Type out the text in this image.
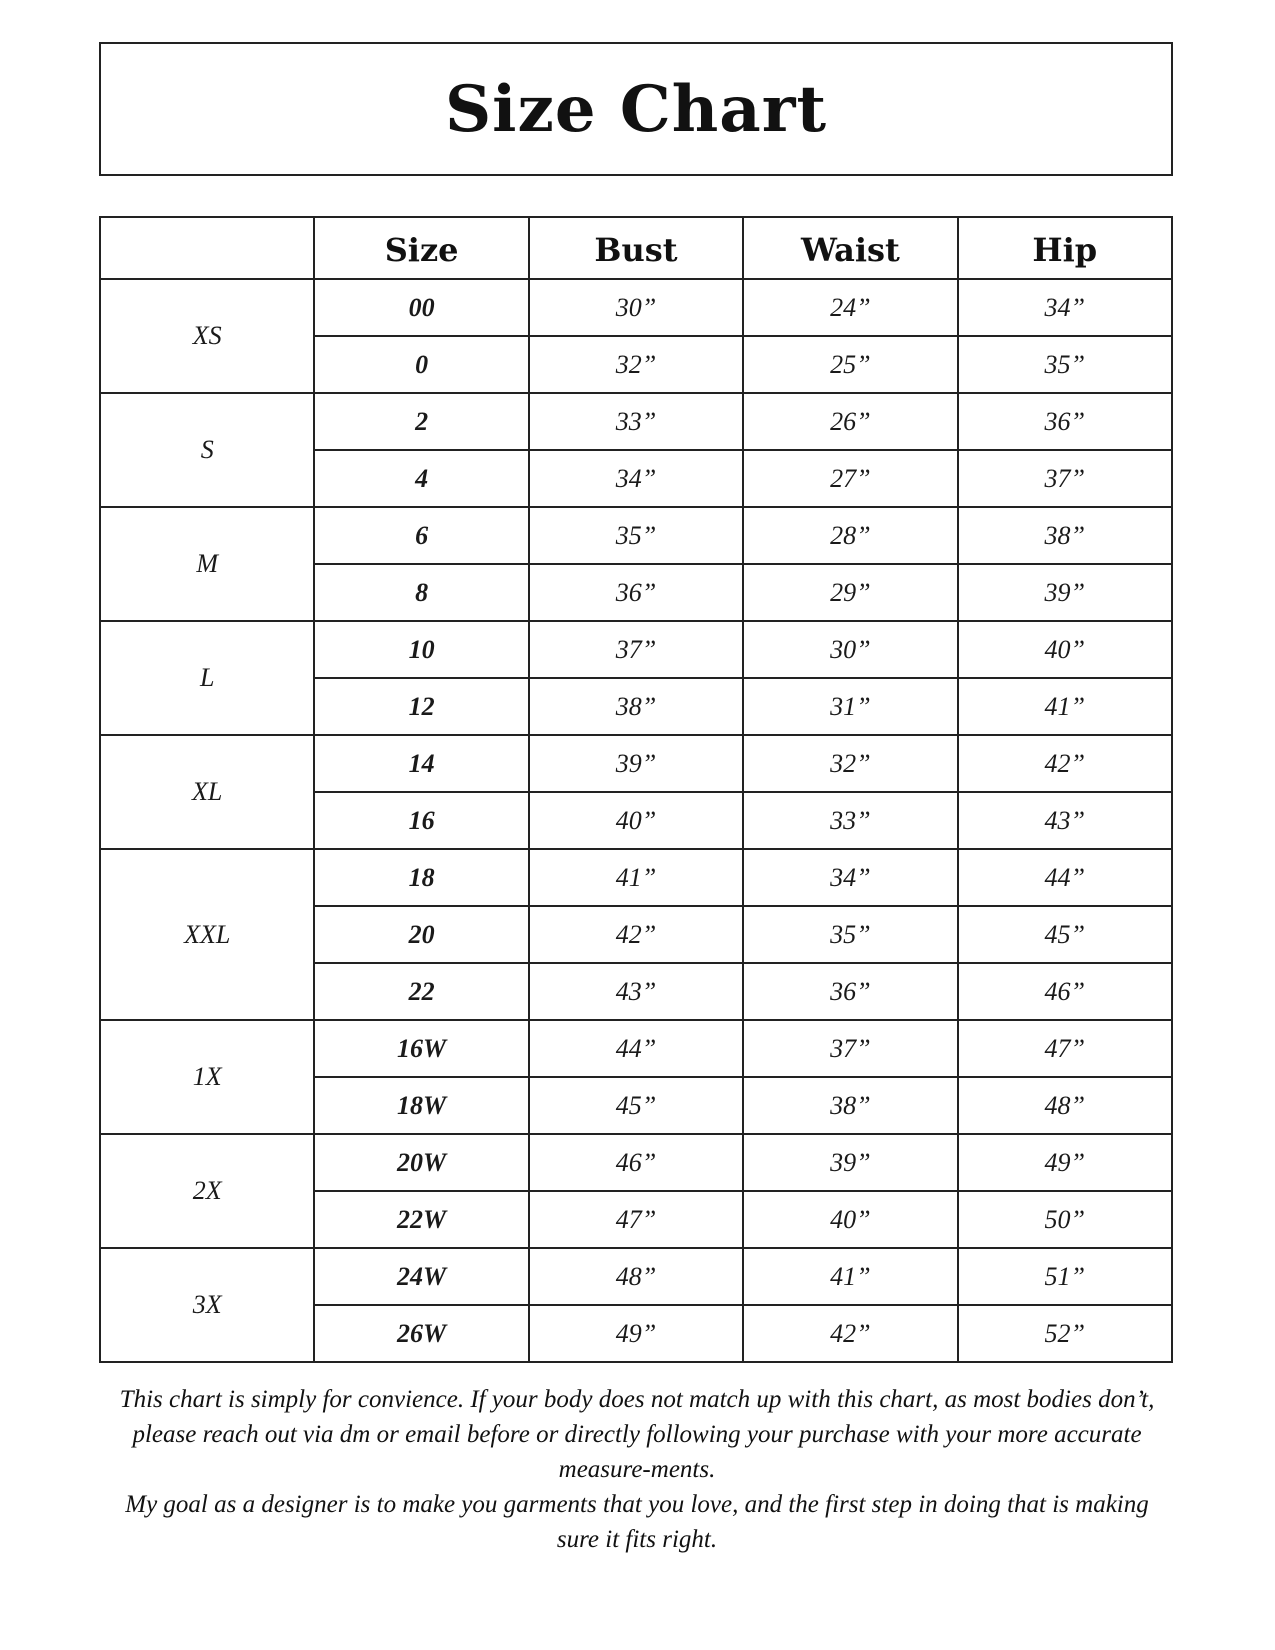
Size Chart
	Size	Bust	Waist	Hip
XS	00	30”	24”	34”
	0	32”	25”	35”
S	2	33”	26”	36”
	4	34”	27”	37”
M	6	35”	28”	38”
	8	36”	29”	39”
L	10	37”	30”	40”
	12	38”	31”	41”
XL	14	39”	32”	42”
	16	40”	33”	43”
XXL	18	41”	34”	44”
	20	42”	35”	45”
	22	43”	36”	46”
1X	16W	44”	37”	47”
	18W	45”	38”	48”
2X	20W	46”	39”	49”
	22W	47”	40”	50”
3X	24W	48”	41”	51”
	26W	49”	42”	52”

This chart is simply for convience. If your body does not match up with this chart, as most bodies don’t, please reach out via dm or email before or directly following your purchase with your more accurate measure-ments.

My goal as a designer is to make you garments that you love, and the first step in doing that is making sure it fits right.
